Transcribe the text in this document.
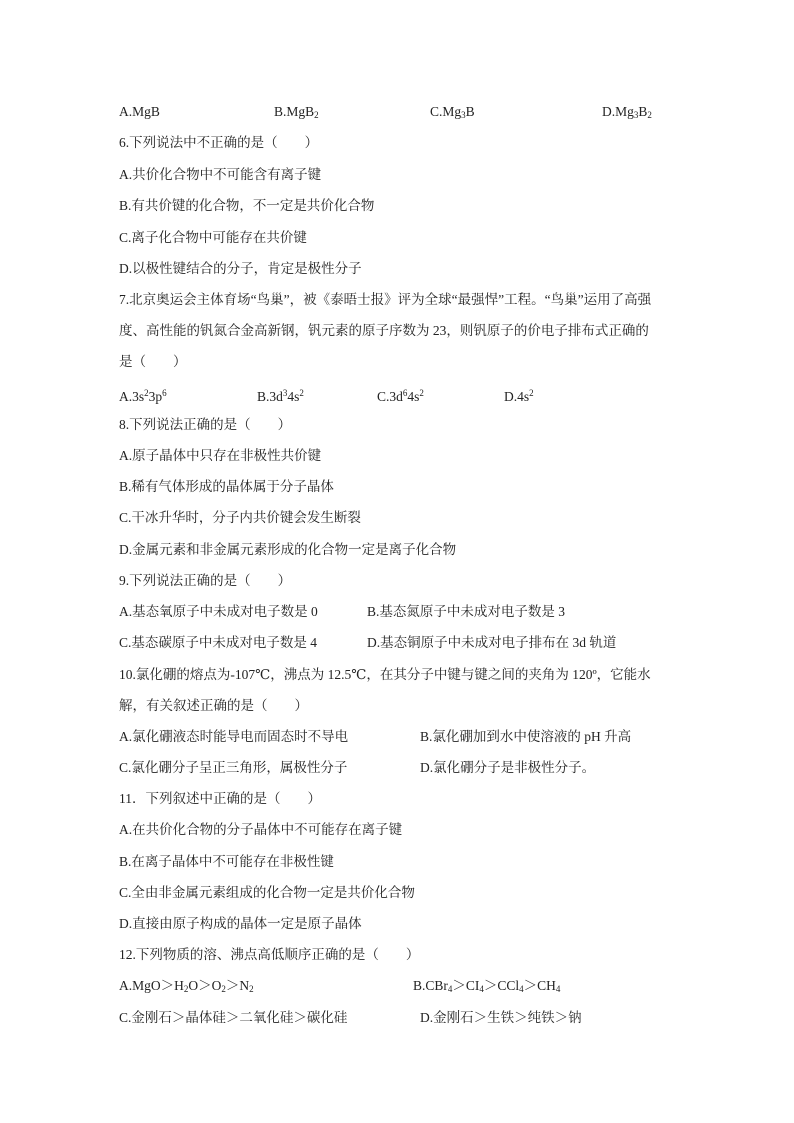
A.MgB	B.MgB$_2$	$C.Mg_3B$	$D.Mg_3B_2$
6.下列说法中不正确的是（　　）
A.共价化合物中不可能含有离子键
B.有共价键的化合物，不一定是共价化合物
C.离子化合物中可能存在共价键
D.以极性键结合的分子，肯定是极性分子
7.北京奥运会主体育场“鸟巢”，被《泰晤士报》评为全球“最强悍”工程。“鸟巢”运用了高强
度、高性能的钒氮合金高新钢，钒元素的原子序数为 23，则钒原子的价电子排布式正确的
是（　　）
$A.3s^23p^6$	$B.3d^34s^2$	$C.3d^64s^2$	$D.4s^2$
8.下列说法正确的是（　　）
A.原子晶体中只存在非极性共价键
B.稀有气体形成的晶体属于分子晶体
C.干冰升华时，分子内共价键会发生断裂
D.金属元素和非金属元素形成的化合物一定是离子化合物
9.下列说法正确的是（　　）
A.基态氧原子中未成对电子数是 0	B.基态氮原子中未成对电子数是 3
C.基态碳原子中未成对电子数是 4	D.基态铜原子中未成对电子排布在 3d 轨道
10.氯化硼的熔点为-107℃，沸点为 12.5℃，在其分子中键与键之间的夹角为 120º，它能水
解，有关叙述正确的是（　　）
A.氯化硼液态时能导电而固态时不导电	B.氯化硼加到水中使溶液的 pH 升高
C.氯化硼分子呈正三角形，属极性分子	D.氯化硼分子是非极性分子。
11．下列叙述中正确的是（　　）
A.在共价化合物的分子晶体中不可能存在离子键
B.在离子晶体中不可能存在非极性键
C.全由非金属元素组成的化合物一定是共价化合物
D.直接由原子构成的晶体一定是原子晶体
12.下列物质的溶、沸点高低顺序正确的是（　　）
$A.MgO>H_2O>O_2>N_2$	$B.CBr_4>CI_4>CCl_4>CH_4$
C.金刚石＞晶体硅＞二氧化硅＞碳化硅	D.金刚石＞生铁＞纯铁＞钠
